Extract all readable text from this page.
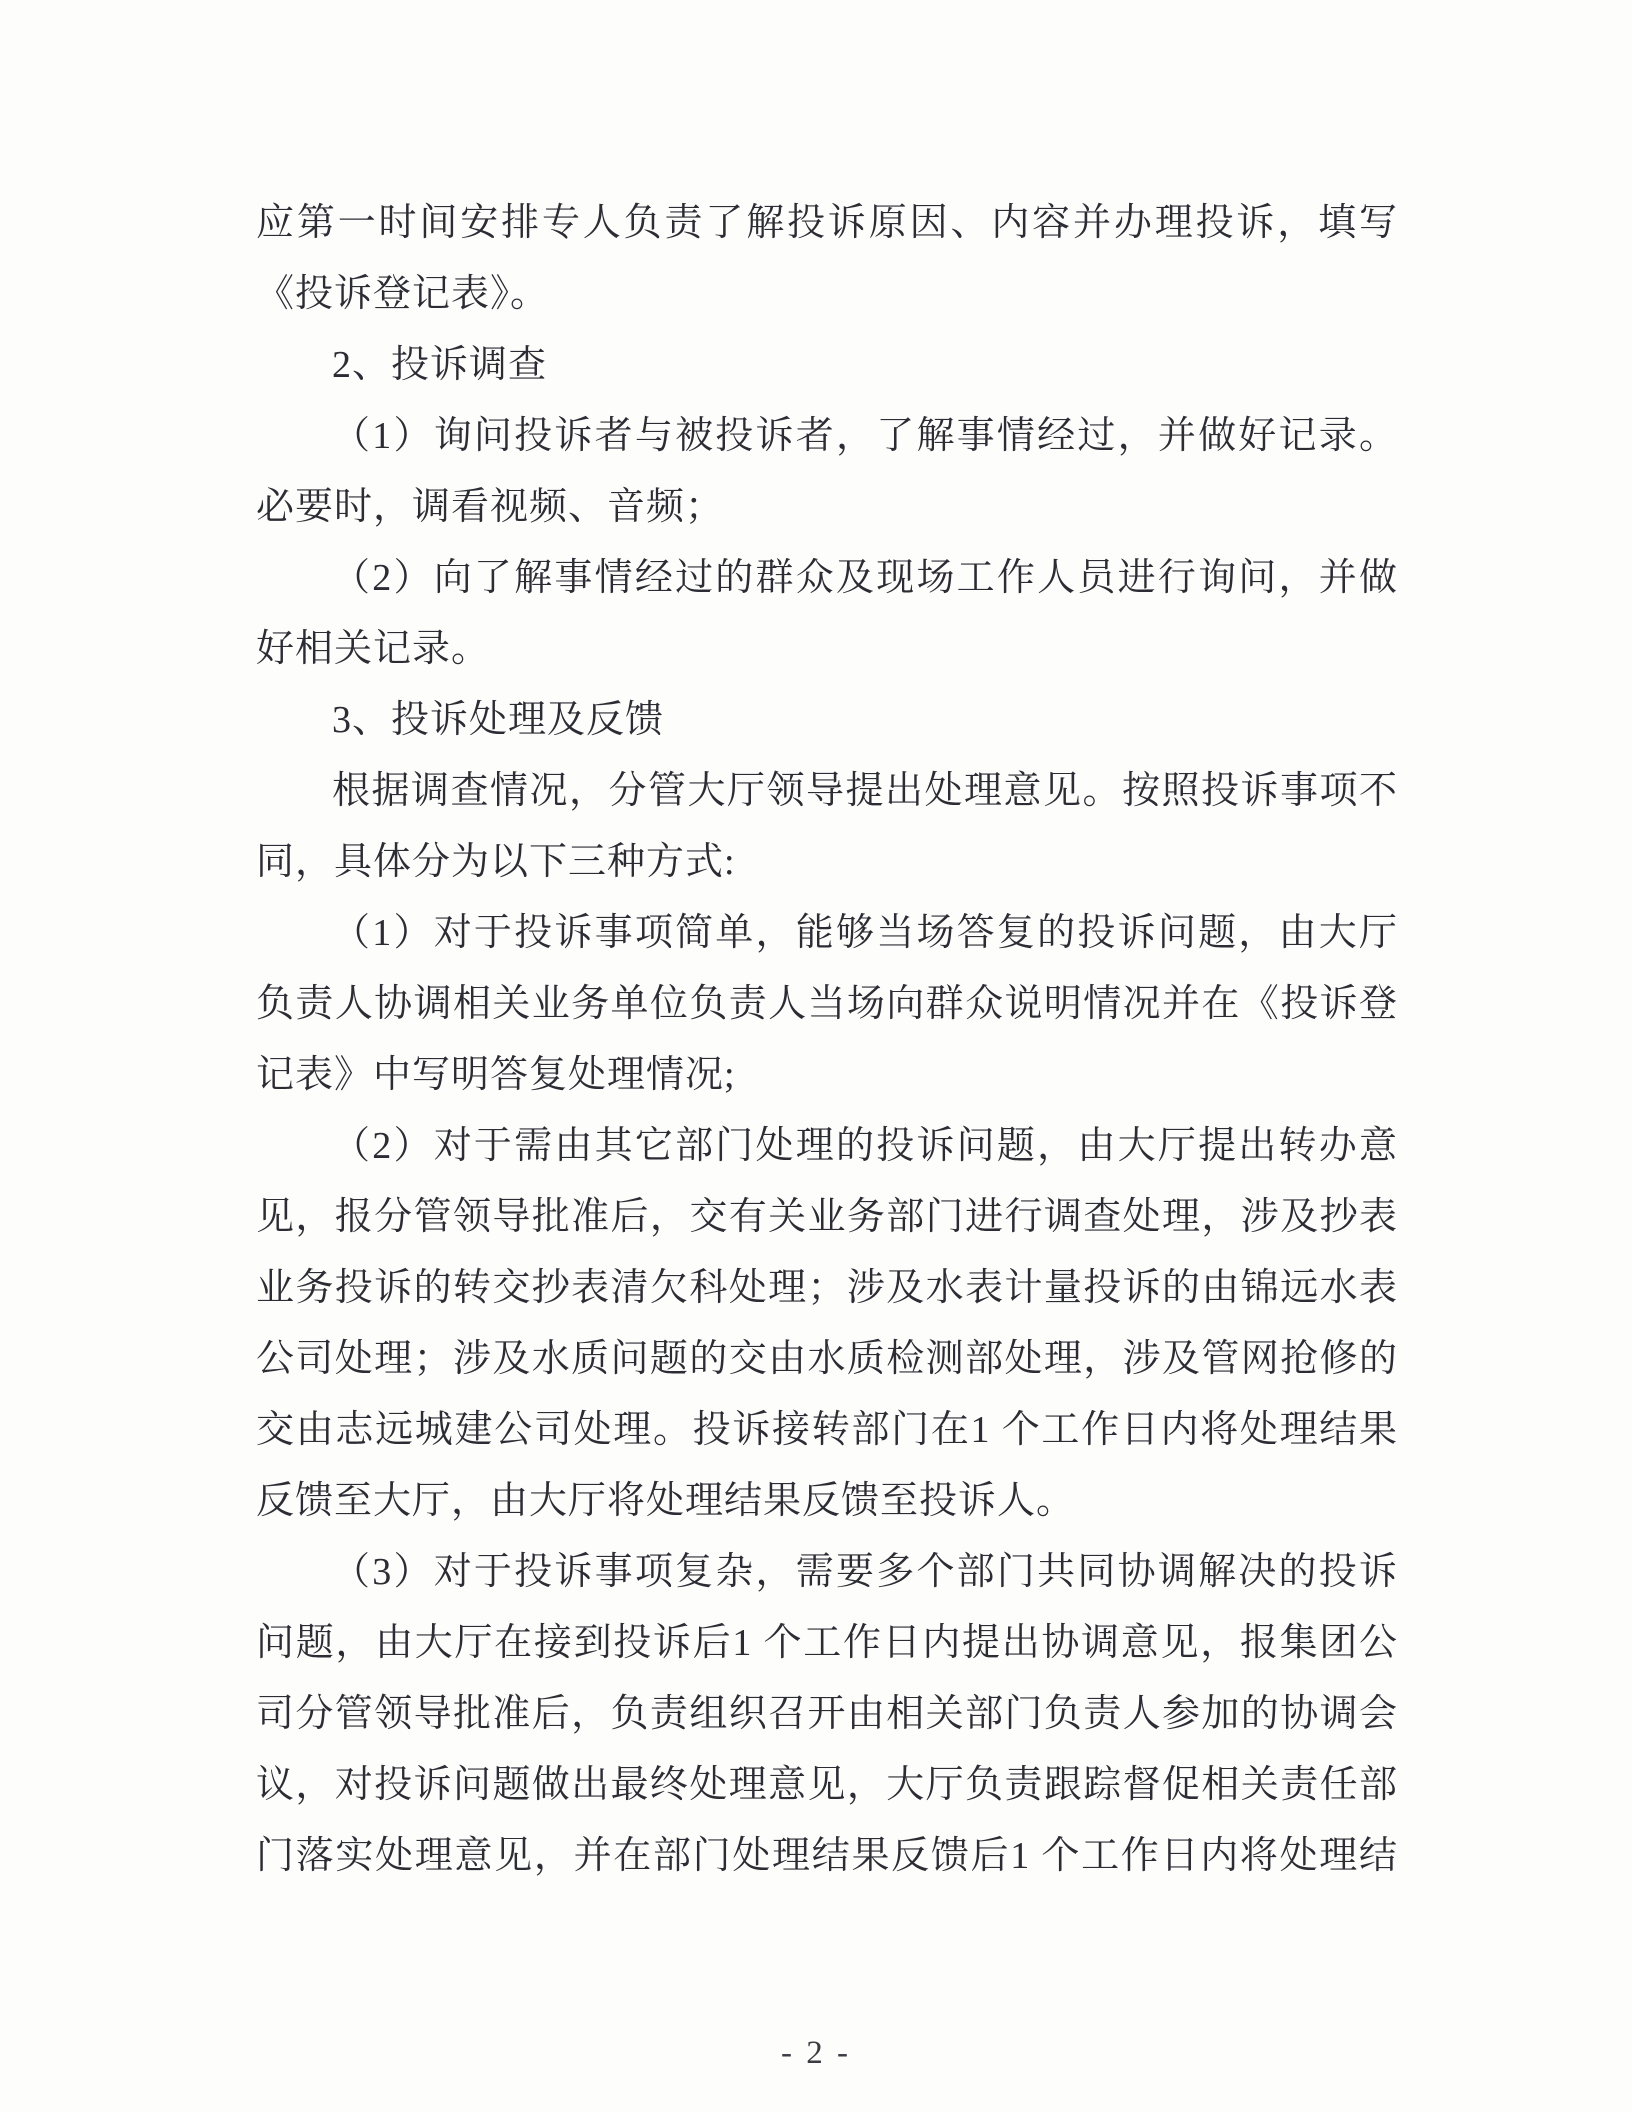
应第一时间安排专人负责了解投诉原因、内容并办理投诉，填写
《投诉登记表》。
2、投诉调查
（1）询问投诉者与被投诉者，了解事情经过，并做好记录。
必要时，调看视频、音频；
（2）向了解事情经过的群众及现场工作人员进行询问，并做
好相关记录。
3、投诉处理及反馈
根据调查情况，分管大厅领导提出处理意见。按照投诉事项不
同，具体分为以下三种方式:
（1）对于投诉事项简单，能够当场答复的投诉问题，由大厅
负责人协调相关业务单位负责人当场向群众说明情况并在《投诉登
记表》中写明答复处理情况;
（2）对于需由其它部门处理的投诉问题，由大厅提出转办意
见，报分管领导批准后，交有关业务部门进行调查处理，涉及抄表
业务投诉的转交抄表清欠科处理；涉及水表计量投诉的由锦远水表
公司处理；涉及水质问题的交由水质检测部处理，涉及管网抢修的
交由志远城建公司处理。投诉接转部门在1 个工作日内将处理结果
反馈至大厅，由大厅将处理结果反馈至投诉人。
（3）对于投诉事项复杂，需要多个部门共同协调解决的投诉
问题，由大厅在接到投诉后1 个工作日内提出协调意见，报集团公
司分管领导批准后，负责组织召开由相关部门负责人参加的协调会
议，对投诉问题做出最终处理意见，大厅负责跟踪督促相关责任部
门落实处理意见，并在部门处理结果反馈后1 个工作日内将处理结
- 2 -
